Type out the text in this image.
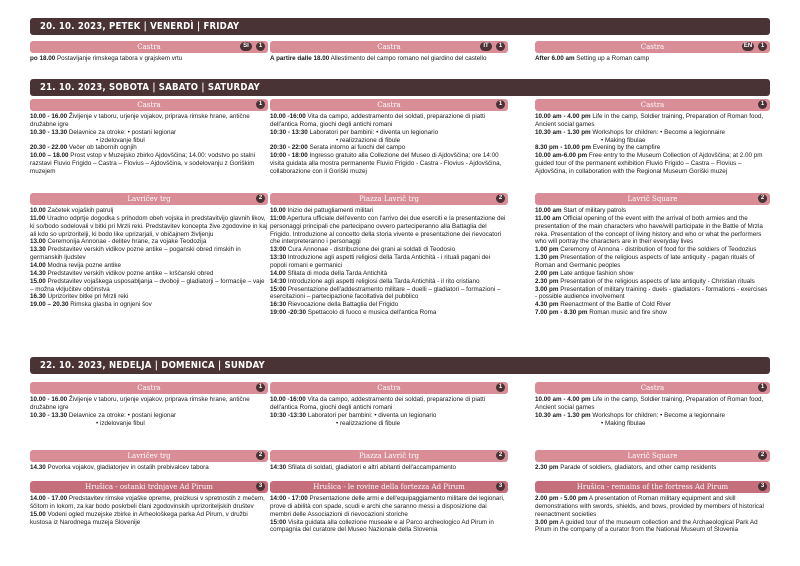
20. 10. 2023, PETEK | VENERDÌ | FRIDAY
Castra	SI	1

po 18.00 Postavljanje rimskega tabora v grajskem vrtu

Castra	IT	1

A partire dalle 18.00 Allestimento del campo romano nel giardino del castello

Castra	EN	1

After 6.00 am Setting up a Roman camp

21. 10. 2023, SOBOTA | SABATO | SATURDAY
Castra	1

10.00 - 16.00 Življenje v taboru, urjenje vojakov, priprava rimske hrane, antične družabne igre

10.30 - 13.30 Delavnice za otroke: • postani legionar

• izdelovanje fibul

20.30 - 22.00 Večer ob tabornih ognjih

10.00 – 18.00 Prost vstop v Muzejsko zbirko Ajdovščina; 14.00: vodstvo po stalni razstavi Fluvio Frigido – Castra – Flovius – Ajdovščina, v sodelovanju z Goriškim muzejem

Castra	1

10.00 -16:00 Vita da campo, addestramento dei soldati, preparazione di piatti dell'antica Roma, giochi degli antichi romani

10:30 - 13:30 Laboratori per bambini: • diventa un legionario

• realizzazione di fibule

20:30 - 22:00 Serata intorno ai fuochi del campo

10:00 - 18:00 Ingresso gratuito alla Collezione del Museo di Ajdovščina; ore 14:00 visita guidata alla mostra permanente Fluvio Frigido - Castra - Flovius - Ajdovščina, collaborazione con il Goriški muzej

Castra	1

10.00 am - 4.00 pm Life in the camp, Soldier training, Preparation of Roman food, Ancient social games

10.30 am - 1.30 pm Workshops for children: • Become a legionnaire

• Making fibulae

8.30 pm - 10.00 pm Evening by the campfire

10.00 am-6.00 pm Free entry to the Museum Collection of Ajdovščina; at 2.00 pm guided tour of the permanent exhibition Fluvio Frigido – Castra – Flovius – Ajdovščina, in collaboration with the Regional Museum Goriški muzej

Lavričev trg	2

10.00 Začetek vojaških patrulj

11.00 Uradno odprtje dogodka s prihodom obeh vojska in predstavitvijo glavnih likov, ki so/bodo sodelovali v bitki pri Mrzli reki. Predstavitev koncepta žive zgodovine in kaj ali kdo so uprizoritelji, ki bodo like uprizarjali, v običajnem življenju

13.00 Ceremonija Annonae - delitev hrane, za vojake Teodozija

13.30 Predstavitev verskih vidikov pozne antike – poganski obred rimskih in germanskih ljudstev

14.00 Modna revija pozne antike

14.30 Predstavitev verskih vidikov pozne antike – krščanski obred

15.00 Predstavitev vojaškega usposabljanja – dvoboji – gladiatorji – formacije – vaje – možna vključitev občinstva

16.30 Uprizoritev bitke pri Mrzli reki

19.00 – 20.30 Rimska glasba in ognjeni šov

Piazza Lavrič trg	2

10.00 Inizio dei pattugliamenti militari

11:00 Apertura ufficiale dell'evento con l'arrivo dei due eserciti e la presentazione dei personaggi principali che partecipano ovvero parteciperanno alla Battaglia del Frigido. Introduzione al concetto della storia vivente e presentazione dei rievocatori che interpreteranno i personaggi

13:00 Cura Annonae - distribuzione dei grani ai soldati di Teodosio

13:30 Introduzione agli aspetti religiosi della Tarda Antichità - i rituali pagani dei popoli romani e germanici

14.00 Sfilata di moda della Tarda Antichità

14:30 Introduzione agli aspetti religiosi della Tarda Antichità - il rito cristiano

15:00 Presentazione dell'addestramento militare – duelli – gladiatori – formazioni – esercitazioni – partecipazione facoltativa del pubblico

16:30 Rievocazione della Battaglia del Frigido

19:00 -20:30 Spettacolo di fuoco e musica dell'antica Roma

Lavrič Square	2

10.00 am Start of military patrols

11.00 am Official opening of the event with the arrival of both armies and the presentation of the main characters who have/will participate in the Battle of Mrzla reka. Presentation of the concept of living history and who or what the performers who will portray the characters are in their everyday lives

1.00 pm Ceremony of Annona - distribution of food for the soldiers of Teodozius

1.30 pm Presentation of the religious aspects of late antiquity - pagan rituals of Roman and Germanic peoples

2.00 pm Late antique fashion show

2.30 pm Presentation of the religious aspects of late antiquity - Christian rituals

3.00 pm Presentation of military training - duels - gladiators - formations - exercises - possible audience involvement

4.30 pm Reenactment of the Battle of Cold River

7.00 pm - 8.30 pm Roman music and fire show

22. 10. 2023, NEDELJA | DOMENICA | SUNDAY
Castra	1

10.00 - 16.00 Življenje v taboru, urjenje vojakov, priprava rimske hrane, antične družabne igre

10.30 - 13.30 Delavnice za otroke: • postani legionar

• izdelovanje fibul

Castra	1

10.00 -16:00 Vita da campo, addestramento dei soldati, preparazione di piatti dell'antica Roma, giochi degli antichi romani

10:30 -13:30 Laboratori per bambini: • diventa un legionario

• realizzazione di fibule

Castra	1

10.00 am - 4.00 pm Life in the camp, Soldier training, Preparation of Roman food, Ancient social games

10.30 am - 1.30 pm Workshops for children: • Become a legionnaire

• Making fibulae

Lavričev trg	2

14.30 Povorka vojakov, gladiatorjev in ostalih prebivalcev tabora

Piazza Lavrič trg	2

14:30 Sfilata di soldati, gladiatori e altri abitanti dell'accampamento

Lavrič Square	2

2.30 pm Parade of soldiers, gladiators, and other camp residents

Hrušica - ostanki trdnjave Ad Pirum	3

14.00 - 17.00 Predstavitev rimske vojaške opreme, preizkusi v spretnostih z mečem, ščitom in lokom, za kar bodo poskrbeli člani zgodovinskih uprizoriteljskih društev

15.00 Vodeni ogled muzejske zbirke in Arheološkega parka Ad Pirum, v družbi kustosa iz Narodnega muzeja Slovenije

Hrušica - le rovine della fortezza Ad Pirum	3

14:00 - 17:00 Presentazione delle armi e dell'equipaggiamento militare dei legionari, prove di abilità con spade, scudi e archi che saranno messi a disposizione dai membri delle Associazioni di rievocazioni storiche

15:00 Visita guidata alla collezione museale e al Parco archeologico Ad Pirum in compagnia del curatore del Museo Nazionale della Slovenia

Hrušica - remains of the fortress Ad Pirum	3

2.00 pm - 5.00 pm A presentation of Roman military equipment and skill demonstrations with swords, shields, and bows, provided by members of historical reenactment societies

3.00 pm A guided tour of the museum collection and the Archaeological Park Ad Pirum in the company of a curator from the National Museum of Slovenia
